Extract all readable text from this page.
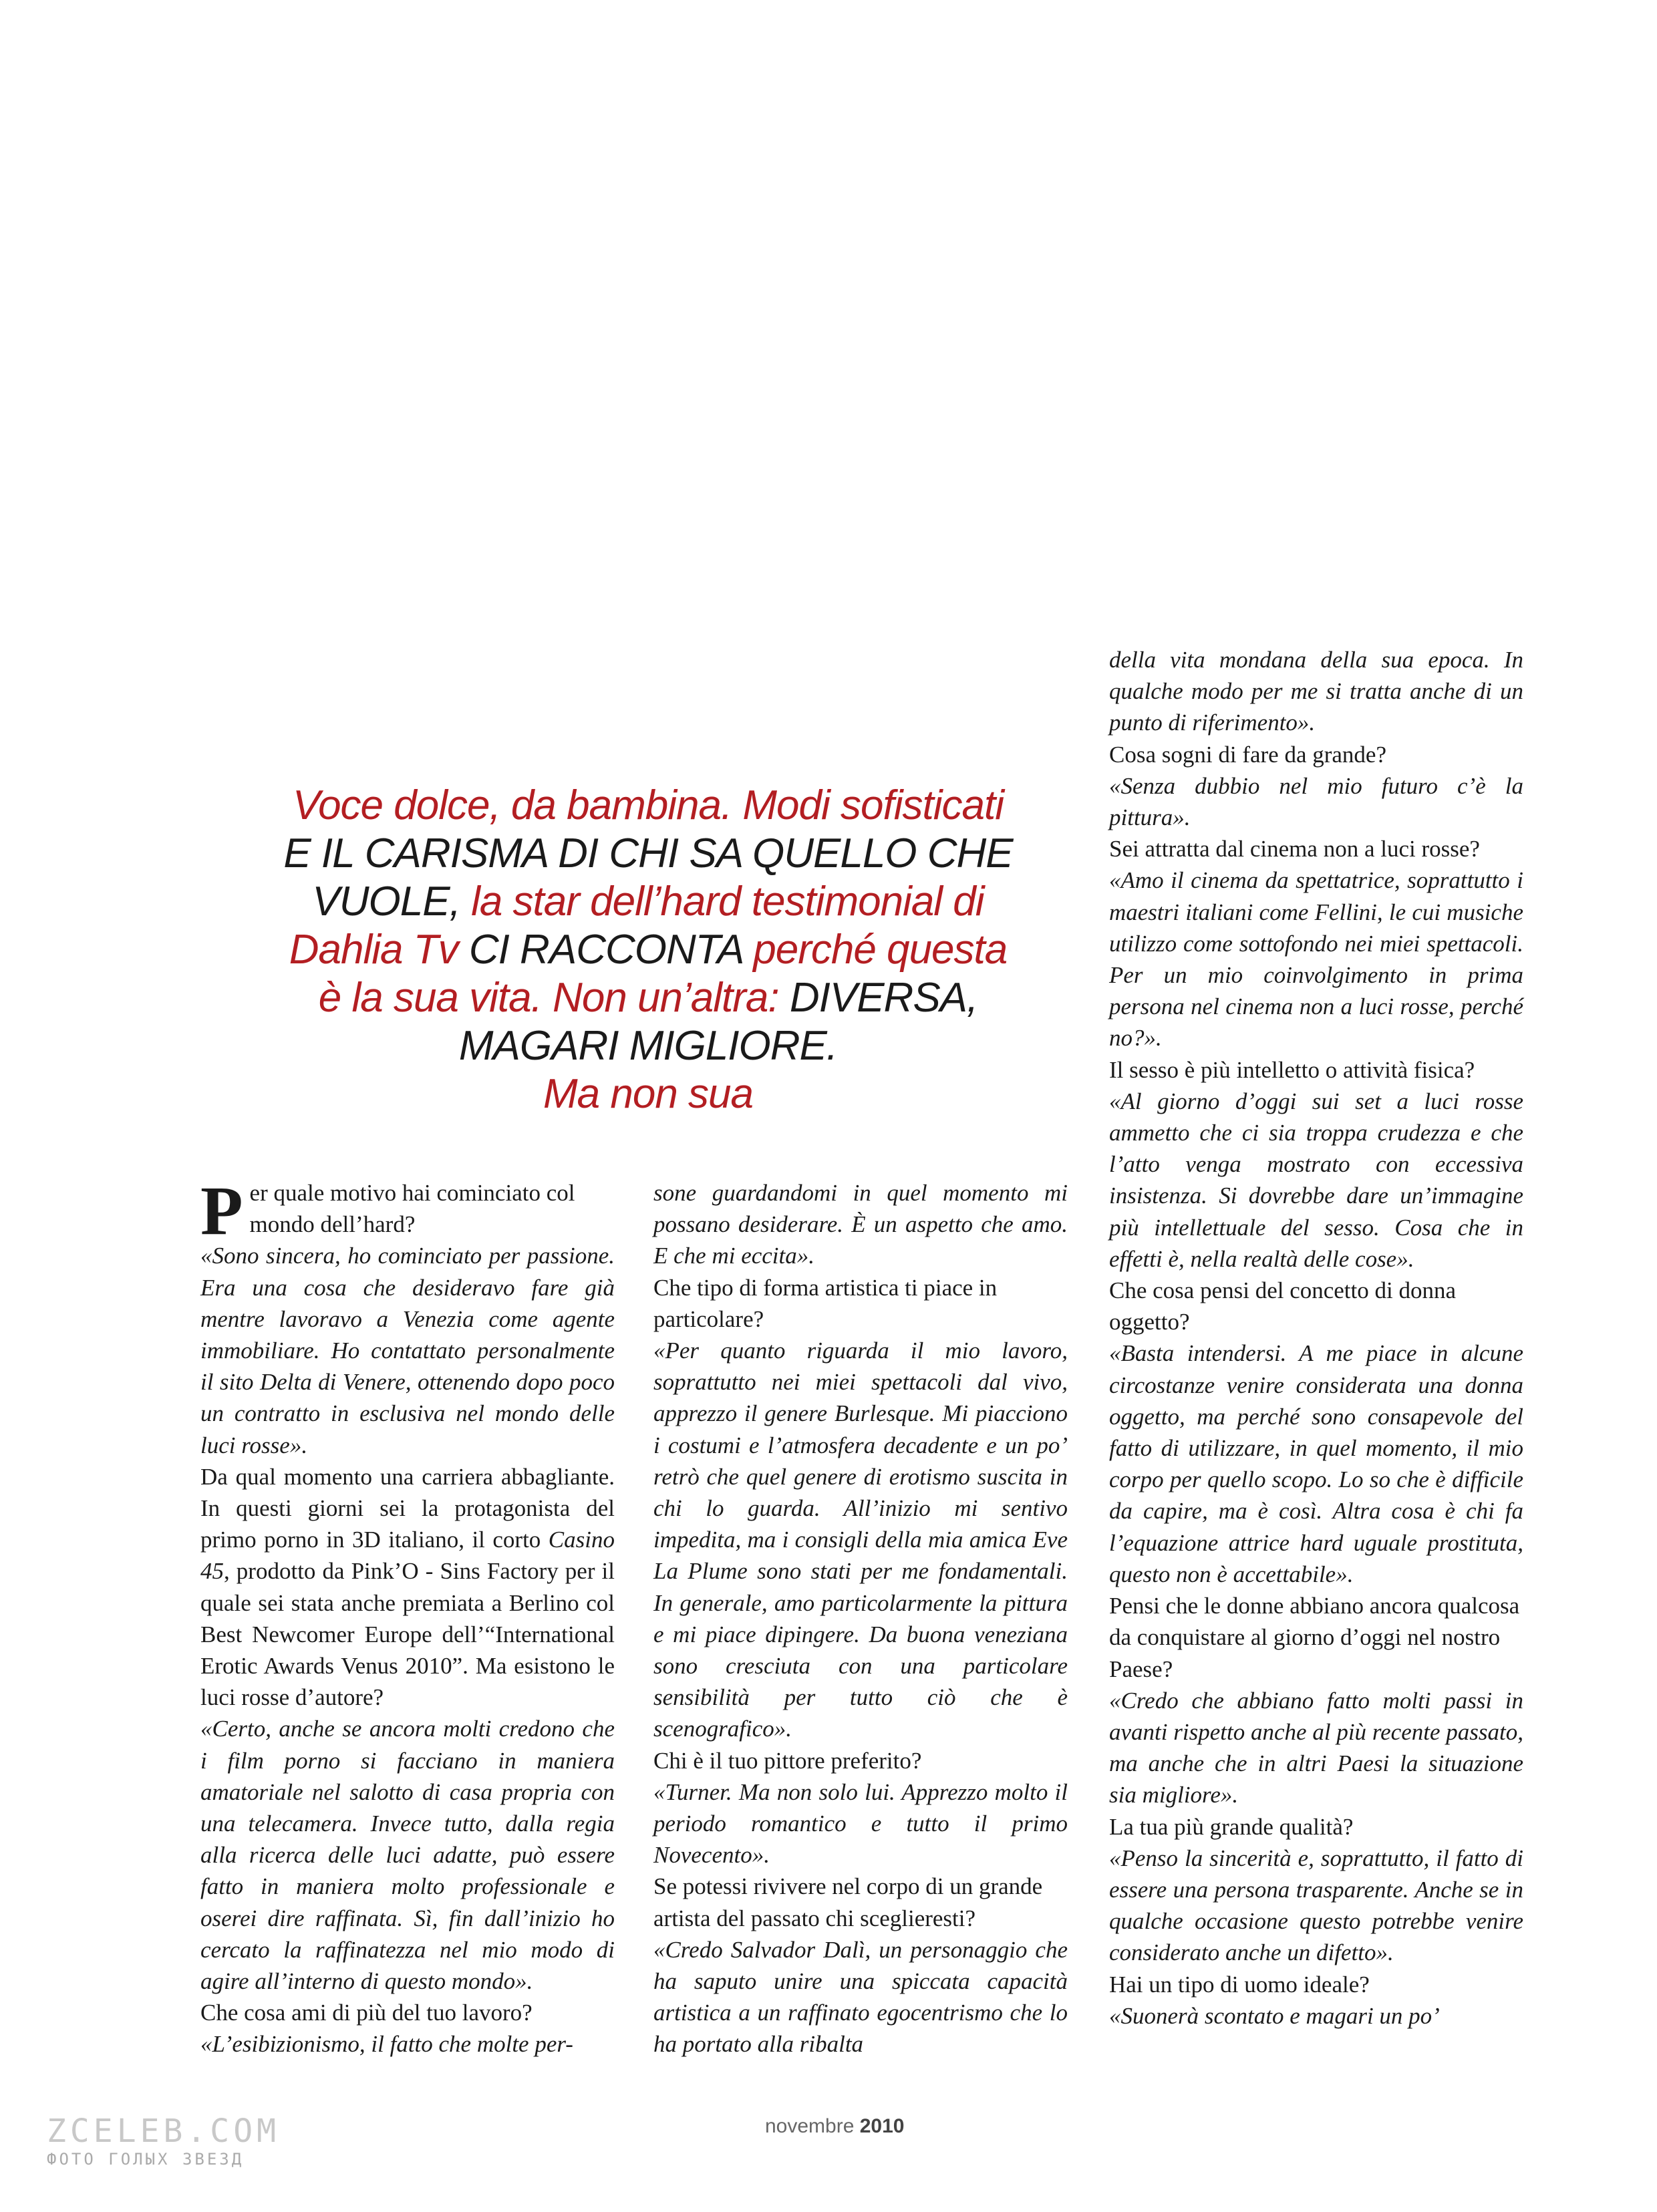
Voce dolce, da bambina. Modi sofisticati E IL CARISMA DI CHI SA QUELLO CHE VUOLE, la star dell’hard testimonial di Dahlia Tv CI RACCONTA perché questa è la sua vita. Non un’altra: DIVERSA, MAGARI MIGLIORE.
Ma non sua

Per quale motivo hai cominciato col mondo dell’hard?

«Sono sincera, ho cominciato per passione. Era una cosa che desideravo fare già mentre lavoravo a Venezia come agente immobiliare. Ho contattato personalmente il sito Delta di Venere, ottenendo dopo poco un contratto in esclusiva nel mondo delle luci rosse».

Da qual momento una carriera abbagliante. In questi giorni sei la protagonista del primo porno in 3D italiano, il corto Casino 45, prodotto da Pink’O - Sins Factory per il quale sei stata anche premiata a Berlino col Best Newcomer Europe dell’“International Erotic Awards Venus 2010”. Ma esistono le luci rosse d’autore?

«Certo, anche se ancora molti credono che i film porno si facciano in maniera amatoriale nel salotto di casa propria con una telecamera. Invece tutto, dalla regia alla ricerca delle luci adatte, può essere fatto in maniera molto professionale e oserei dire raffinata. Sì, fin dall’inizio ho cercato la raffinatezza nel mio modo di agire all’interno di questo mondo».

Che cosa ami di più del tuo lavoro?

«L’esibizionismo, il fatto che molte per-

sone guardandomi in quel momento mi possano desiderare. È un aspetto che amo. E che mi eccita».

Che tipo di forma artistica ti piace in particolare?

«Per quanto riguarda il mio lavoro, soprattutto nei miei spettacoli dal vivo, apprezzo il genere Burlesque. Mi piacciono i costumi e l’atmosfera decadente e un po’ retrò che quel genere di erotismo suscita in chi lo guarda. All’inizio mi sentivo impedita, ma i consigli della mia amica Eve La Plume sono stati per me fondamentali. In generale, amo particolarmente la pittura e mi piace dipingere. Da buona veneziana sono cresciuta con una particolare sensibilità per tutto ciò che è scenografico».

Chi è il tuo pittore preferito?

«Turner. Ma non solo lui. Apprezzo molto il periodo romantico e tutto il primo Novecento».

Se potessi rivivere nel corpo di un grande artista del passato chi sceglieresti?

«Credo Salvador Dalì, un personaggio che ha saputo unire una spiccata capacità artistica a un raffinato egocentrismo che lo ha portato alla ribalta

della vita mondana della sua epoca. In qualche modo per me si tratta anche di un punto di riferimento».

Cosa sogni di fare da grande?

«Senza dubbio nel mio futuro c’è la pittura».

Sei attratta dal cinema non a luci rosse?

«Amo il cinema da spettatrice, soprattutto i maestri italiani come Fellini, le cui musiche utilizzo come sottofondo nei miei spettacoli. Per un mio coinvolgimento in prima persona nel cinema non a luci rosse, perché no?».

Il sesso è più intelletto o attività fisica?

«Al giorno d’oggi sui set a luci rosse ammetto che ci sia troppa crudezza e che l’atto venga mostrato con eccessiva insistenza. Si dovrebbe dare un’immagine più intellettuale del sesso. Cosa che in effetti è, nella realtà delle cose».

Che cosa pensi del concetto di donna oggetto?

«Basta intendersi. A me piace in alcune circostanze venire considerata una donna oggetto, ma perché sono consapevole del fatto di utilizzare, in quel momento, il mio corpo per quello scopo. Lo so che è difficile da capire, ma è così. Altra cosa è chi fa l’equazione attrice hard uguale prostituta, questo non è accettabile».

Pensi che le donne abbiano ancora qualcosa da conquistare al giorno d’oggi nel nostro Paese?

«Credo che abbiano fatto molti passi in avanti rispetto anche al più recente passato, ma anche che in altri Paesi la situazione sia migliore».

La tua più grande qualità?

«Penso la sincerità e, soprattutto, il fatto di essere una persona trasparente. Anche se in qualche occasione questo potrebbe venire considerato anche un difetto».

Hai un tipo di uomo ideale?

«Suonerà scontato e magari un po’

novembre 2010
ZCELEB.COM
ФОТО ГОЛЫХ ЗВЕЗД
